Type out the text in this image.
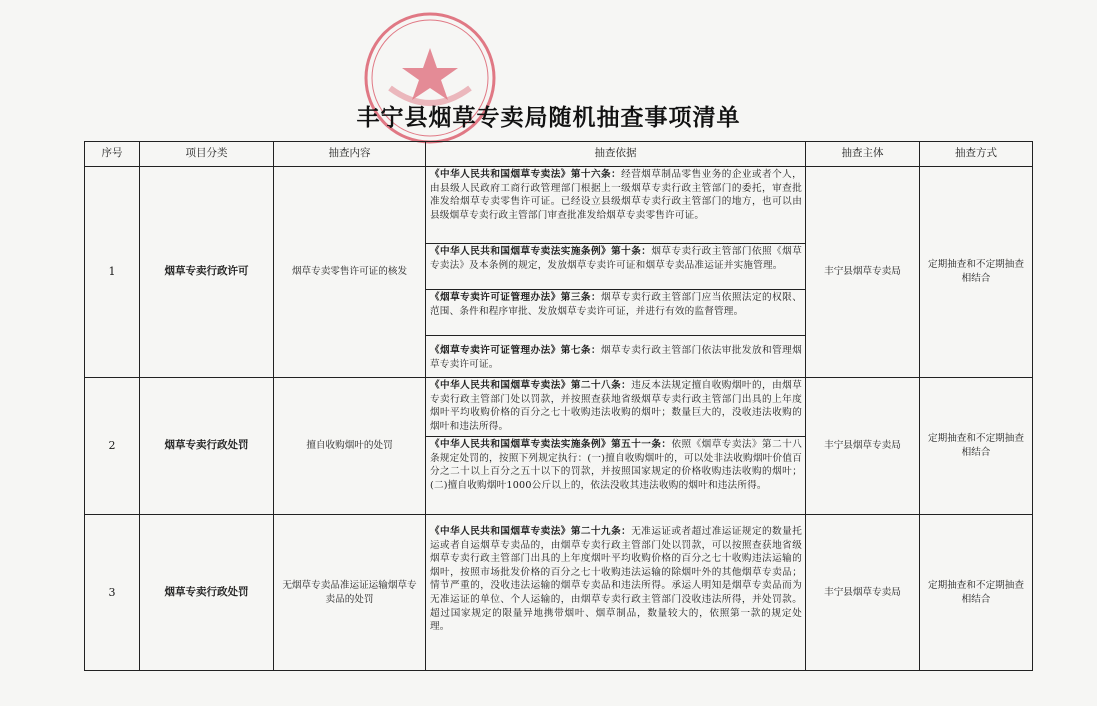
丰宁县烟草专卖局随机抽查事项清单
序号	项目分类	抽查内容	抽查依据	抽查主体	抽查方式
1	烟草专卖行政许可	烟草专卖零售许可证的核发	《中华人民共和国烟草专卖法》第十六条：经营烟草制品零售业务的企业或者个人，由县级人民政府工商行政管理部门根据上一级烟草专卖行政主管部门的委托，审查批准发给烟草专卖零售许可证。已经设立县级烟草专卖行政主管部门的地方，也可以由县级烟草专卖行政主管部门审查批准发给烟草专卖零售许可证。
《中华人民共和国烟草专卖法实施条例》第十条：烟草专卖行政主管部门依照《烟草专卖法》及本条例的规定，发放烟草专卖许可证和烟草专卖品准运证并实施管理。
《烟草专卖许可证管理办法》第三条：烟草专卖行政主管部门应当依照法定的权限、范围、条件和程序审批、发放烟草专卖许可证，并进行有效的监督管理。
《烟草专卖许可证管理办法》第七条：烟草专卖行政主管部门依法审批发放和管理烟草专卖许可证。	丰宁县烟草专卖局	定期抽查和不定期抽查相结合
2	烟草专卖行政处罚	擅自收购烟叶的处罚	《中华人民共和国烟草专卖法》第二十八条：违反本法规定擅自收购烟叶的，由烟草专卖行政主管部门处以罚款，并按照查获地省级烟草专卖行政主管部门出具的上年度烟叶平均收购价格的百分之七十收购违法收购的烟叶；数量巨大的，没收违法收购的烟叶和违法所得。
《中华人民共和国烟草专卖法实施条例》第五十一条：依照《烟草专卖法》第二十八条规定处罚的，按照下列规定执行：(一)擅自收购烟叶的，可以处非法收购烟叶价值百分之二十以上百分之五十以下的罚款，并按照国家规定的价格收购违法收购的烟叶；(二)擅自收购烟叶1000公斤以上的，依法没收其违法收购的烟叶和违法所得。	丰宁县烟草专卖局	定期抽查和不定期抽查相结合
3	烟草专卖行政处罚	无烟草专卖品准运证运输烟草专卖品的处罚	《中华人民共和国烟草专卖法》第二十九条：无准运证或者超过准运证规定的数量托运或者自运烟草专卖品的，由烟草专卖行政主管部门处以罚款，可以按照查获地省级烟草专卖行政主管部门出具的上年度烟叶平均收购价格的百分之七十收购违法运输的烟叶，按照市场批发价格的百分之七十收购违法运输的除烟叶外的其他烟草专卖品；情节严重的，没收违法运输的烟草专卖品和违法所得。承运人明知是烟草专卖品而为无准运证的单位、个人运输的，由烟草专卖行政主管部门没收违法所得，并处罚款。超过国家规定的限量异地携带烟叶、烟草制品，数量较大的，依照第一款的规定处理。	丰宁县烟草专卖局	定期抽查和不定期抽查相结合
